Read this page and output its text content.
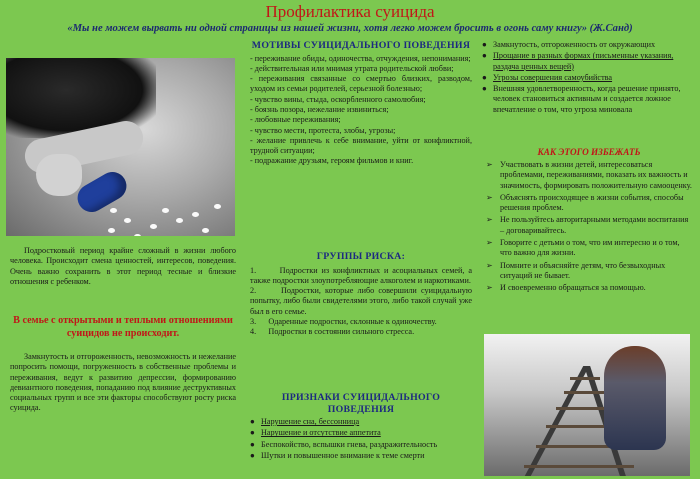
Профилактика суицида
«Мы не можем вырвать ни одной страницы из нашей жизни, хотя легко можем бросить в огонь саму книгу» (Ж.Санд)
Подростковый период крайне сложный в жизни любого человека. Происходит смена ценностей, интересов, поведения. Очень важно сохранить в этот период тесные и близкие отношения с ребенком.
В семье с открытыми и теплыми отношениями суицидов не происходит.
Замкнутость и отгороженность, невозможность и нежелание попросить помощи, погруженность в собственные проблемы и переживания, ведут к развитию депрессии, формированию девиантного поведения, попаданию под влияние деструктивных социальных групп и все эти факторы способствуют росту риска суицида.
МОТИВЫ СУИЦИДАЛЬНОГО ПОВЕДЕНИЯ
- переживание обиды, одиночества, отчуждения, непонимания;
- действительная или мнимая утрата родительской любви;
- переживания связанные со смертью близких, разводом, уходом из семьи родителей, серьезной болезнью;
- чувство вины, стыда, оскорбленного самолюбия;
- боязнь позора, нежелание извиниться;
- любовные переживания;
- чувство мести, протеста, злобы, угрозы;
- желание привлечь к себе внимание, уйти от конфликтной, трудной ситуации;
- подражание друзьям, героям фильмов и книг.
ГРУППЫ РИСКА:
1.	Подростки из конфликтных и асоциальных семей, а также подростки злоупотребляющие алкоголем и наркотиками.
2.	Подростки, которые либо совершили суицидальную попытку, либо были свидетелями этого, либо такой случай уже был в его семье.
3. Одаренные подростки, склонные к одиночеству.
4. Подростки в состоянии сильного стресса.
ПРИЗНАКИ СУИЦИДАЛЬНОГО ПОВЕДЕНИЯ
● Нарушение сна, бессонница
● Нарушение и отсутствие аппетита
● Беспокойство, вспышки гнева, раздражительность
● Шутки и повышенное внимание к теме смерти
● Замкнутость, отгороженность от окружающих
● Прощание в разных формах (письменные указания, раздача ценных вещей)
● Угрозы совершения самоубийства
● Внешняя удовлетворенность, когда решение принято, человек становиться активным и создается ложное впечатление о том, что угроза миновала
КАК ЭТОГО ИЗБЕЖАТЬ
➢ Участвовать в жизни детей, интересоваться проблемами, переживаниями, показать их важность и значимость, формировать положительную самооценку.
➢ Объяснять происходящее в жизни события, способы решения проблем.
➢ Не пользуйтесь авторитарными методами воспитания – договаривайтесь.
➢ Говорите с детьми о том, что им интересно и о том, что важно для жизни.
➢ Помните и объясняйте детям, что безвыходных ситуаций не бывает.
➢ И своевременно обращаться за помощью.
